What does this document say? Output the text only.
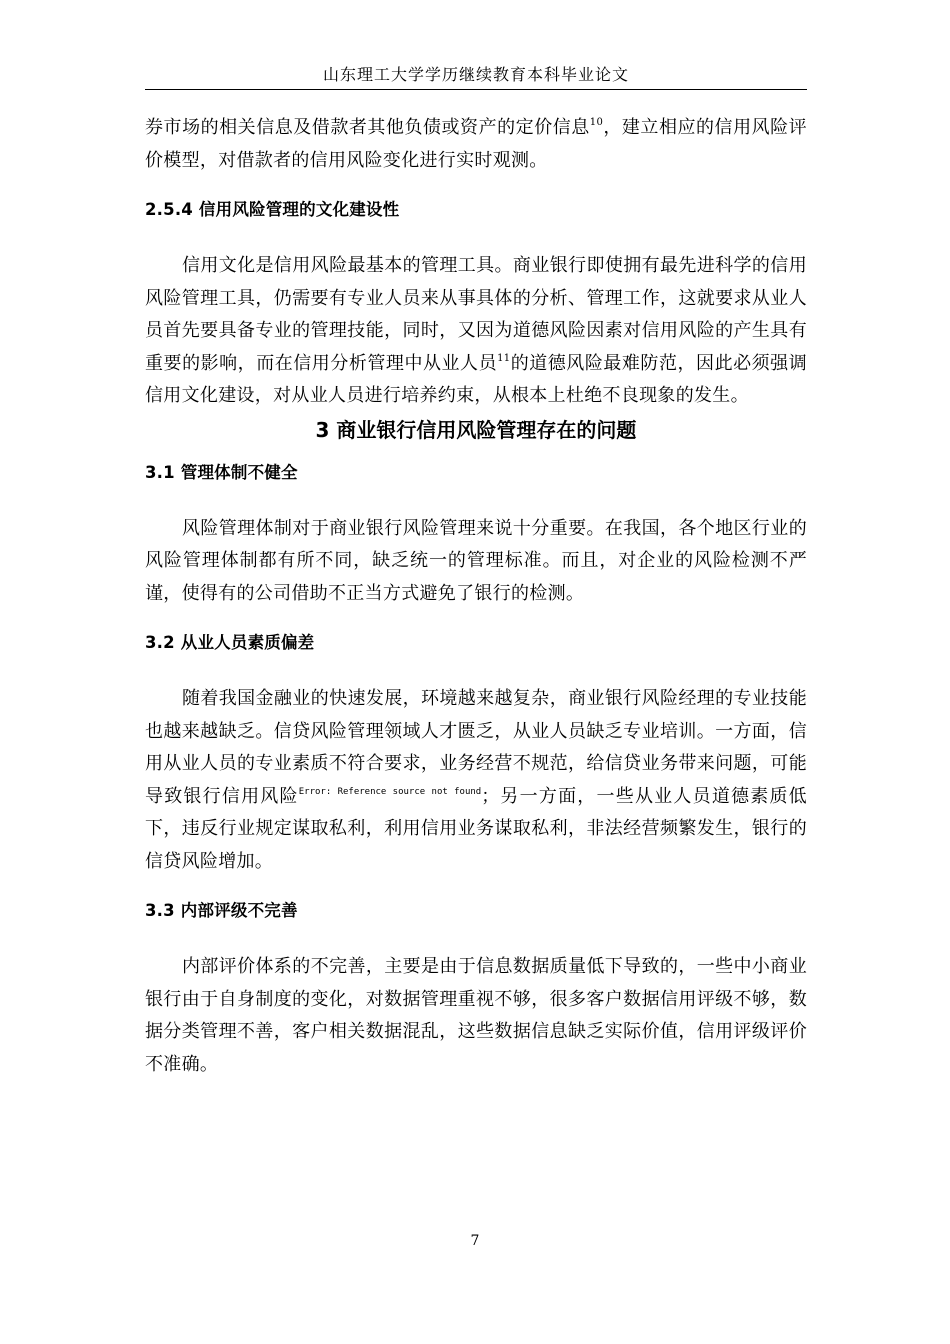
山东理工大学学历继续教育本科毕业论文

券市场的相关信息及借款者其他负债或资产的定价信息$^{10}$，建立相应的信用风险评价模型，对借款者的信用风险变化进行实时观测。

2.5.4 信用风险管理的文化建设性

信用文化是信用风险最基本的管理工具。商业银行即使拥有最先进科学的信用风险管理工具，仍需要有专业人员来从事具体的分析、管理工作，这就要求从业人员首先要具备专业的管理技能，同时，又因为道德风险因素对信用风险的产生具有重要的影响，而在信用分析管理中从业人员$^{11}$的道德风险最难防范，因此必须强调信用文化建设，对从业人员进行培养约束，从根本上杜绝不良现象的发生。

3 商业银行信用风险管理存在的问题
3.1 管理体制不健全

风险管理体制对于商业银行风险管理来说十分重要。在我国，各个地区行业的风险管理体制都有所不同，缺乏统一的管理标准。而且，对企业的风险检测不严谨，使得有的公司借助不正当方式避免了银行的检测。

3.2 从业人员素质偏差

随着我国金融业的快速发展，环境越来越复杂，商业银行风险经理的专业技能也越来越缺乏。信贷风险管理领域人才匮乏，从业人员缺乏专业培训。一方面，信用从业人员的专业素质不符合要求，业务经营不规范，给信贷业务带来问题，可能导致银行信用风险$^{Error: Reference source not found}$；另一方面，一些从业人员道德素质低下，违反行业规定谋取私利，利用信用业务谋取私利，非法经营频繁发生，银行的信贷风险增加。

3.3 内部评级不完善

内部评价体系的不完善，主要是由于信息数据质量低下导致的，一些中小商业银行由于自身制度的变化，对数据管理重视不够，很多客户数据信用评级不够，数据分类管理不善，客户相关数据混乱，这些数据信息缺乏实际价值，信用评级评价不准确。

7
